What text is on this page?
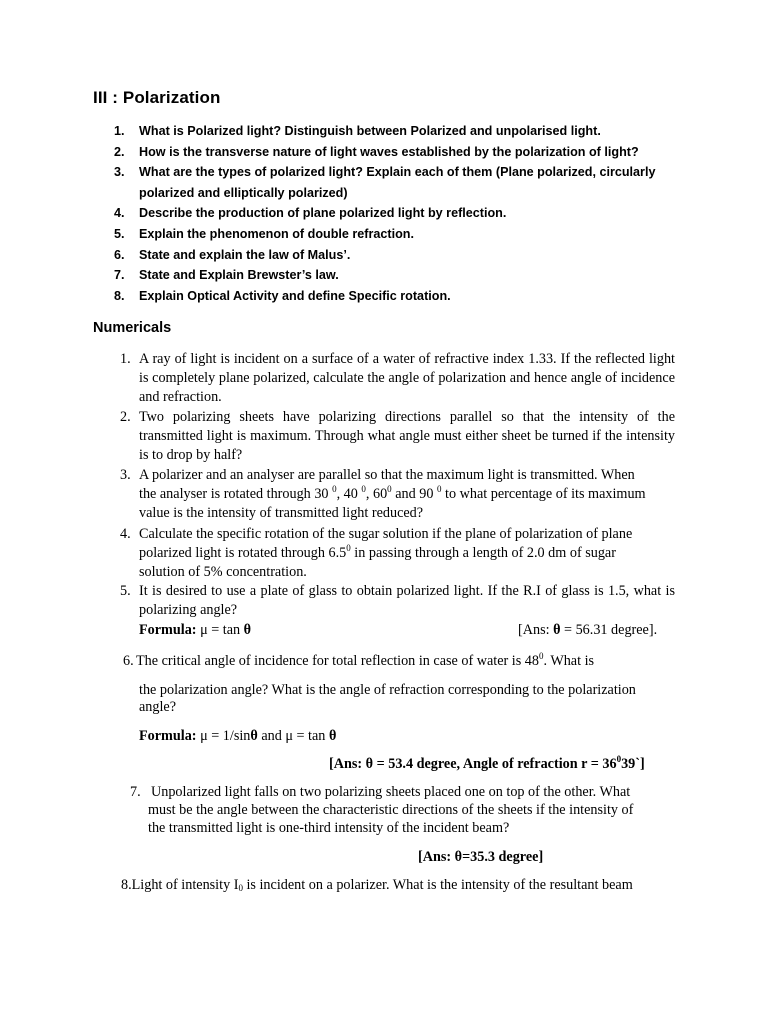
III : Polarization
1. What is Polarized light? Distinguish between Polarized and unpolarised light.
2. How is the transverse nature of light waves established by the polarization of light?
3. What are the types of polarized light? Explain each of them (Plane polarized, circularly polarized and elliptically polarized)
4. Describe the production of plane polarized light by reflection.
5. Explain the phenomenon of double refraction.
6. State and explain the law of Malus’.
7. State and Explain Brewster’s law.
8. Explain Optical Activity and define Specific rotation.
Numericals
1. A ray of light is incident on a surface of a water of refractive index 1.33. If the reflected light is completely plane polarized, calculate the angle of polarization and hence angle of incidence and refraction.
2. Two polarizing sheets have polarizing directions parallel so that the intensity of the transmitted light is maximum. Through what angle must either sheet be turned if the intensity is to drop by half?
3. A polarizer and an analyser are parallel so that the maximum light is transmitted. When
the analyser is rotated through 30 $^0$, 40 $^0$, $60^0$ and 90 $^0$ to what percentage of its maximum
value is the intensity of transmitted light reduced?
4. Calculate the specific rotation of the sugar solution if the plane of polarization of plane
polarized light is rotated through $6.5^0$ in passing through a length of 2.0 dm of sugar
solution of 5% concentration.
5. It is desired to use a plate of glass to obtain polarized light. If the R.I of glass is 1.5, what is polarizing angle?
Formula: μ = tan θ	[Ans: θ = 56.31 degree].
6. The critical angle of incidence for total reflection in case of water is $48^0$. What is
the polarization angle? What is the angle of refraction corresponding to the polarization
angle?
Formula: μ = 1/sinθ and μ = tan θ
[Ans: θ = 53.4 degree, Angle of refraction $r = 36^039`$]
7. Unpolarized light falls on two polarizing sheets placed one on top of the other. What
must be the angle between the characteristic directions of the sheets if the intensity of
the transmitted light is one-third intensity of the incident beam?
[Ans: θ=35.3 degree]
8.Light of intensity $I_0$ is incident on a polarizer. What is the intensity of the resultant beam
